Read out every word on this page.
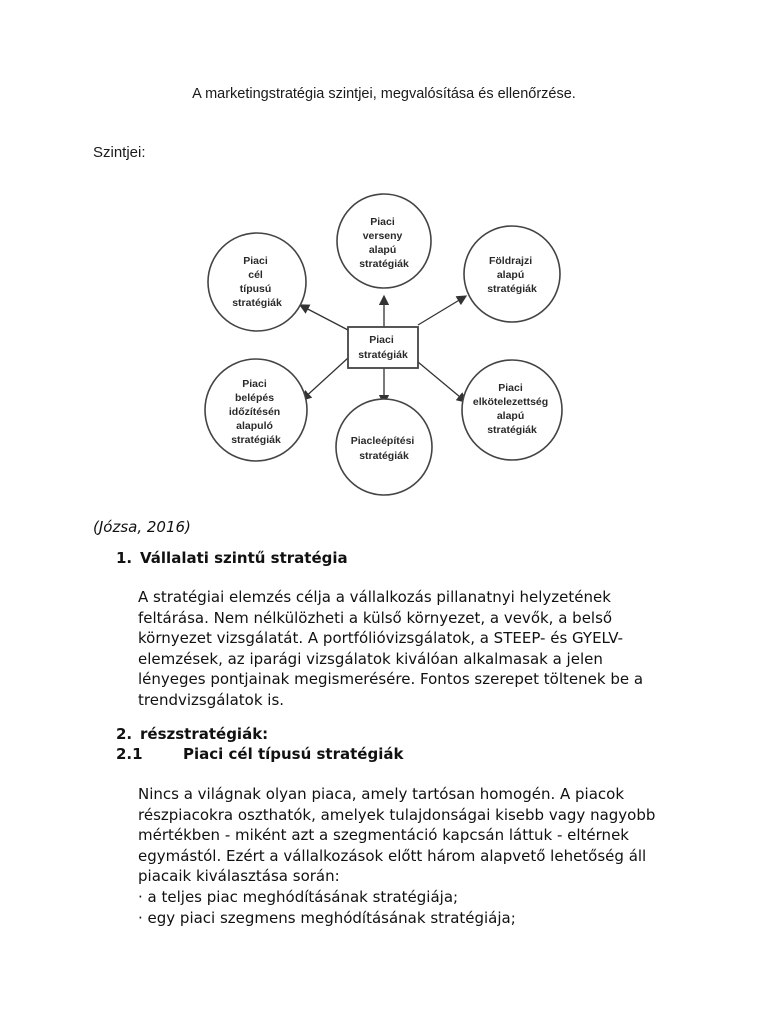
A marketingstratégia szintjei, megvalósítása és ellenőrzése.
Szintjei:
Piaci stratégiák
Piaci verseny alapú stratégiák
Piaci cél típusú stratégiák
Földrajzi alapú stratégiák
Piaci belépés időzítésén alapuló stratégiák	Piacleépítési stratégiák
Piaci elkötelezettség alapú stratégiák
(Józsa, 2016)
1. Vállalati szintű stratégia
A stratégiai elemzés célja a vállalkozás pillanatnyi helyzetének
feltárása. Nem nélkülözheti a külső környezet, a vevők, a belső
környezet vizsgálatát. A portfólióvizsgálatok, a STEEP- és GYELV-
elemzések, az iparági vizsgálatok kiválóan alkalmasak a jelen
lényeges pontjainak megismerésére. Fontos szerepet töltenek be a
trendvizsgálatok is.
2. részstratégiák:
2.1	Piaci cél típusú stratégiák
Nincs a világnak olyan piaca, amely tartósan homogén. A piacok
részpiacokra oszthatók, amelyek tulajdonságai kisebb vagy nagyobb
mértékben - miként azt a szegmentáció kapcsán láttuk - eltérnek
egymástól. Ezért a vállalkozások előtt három alapvető lehetőség áll
piacaik kiválasztása során:
· a teljes piac meghódításának stratégiája;
· egy piaci szegmens meghódításának stratégiája;
